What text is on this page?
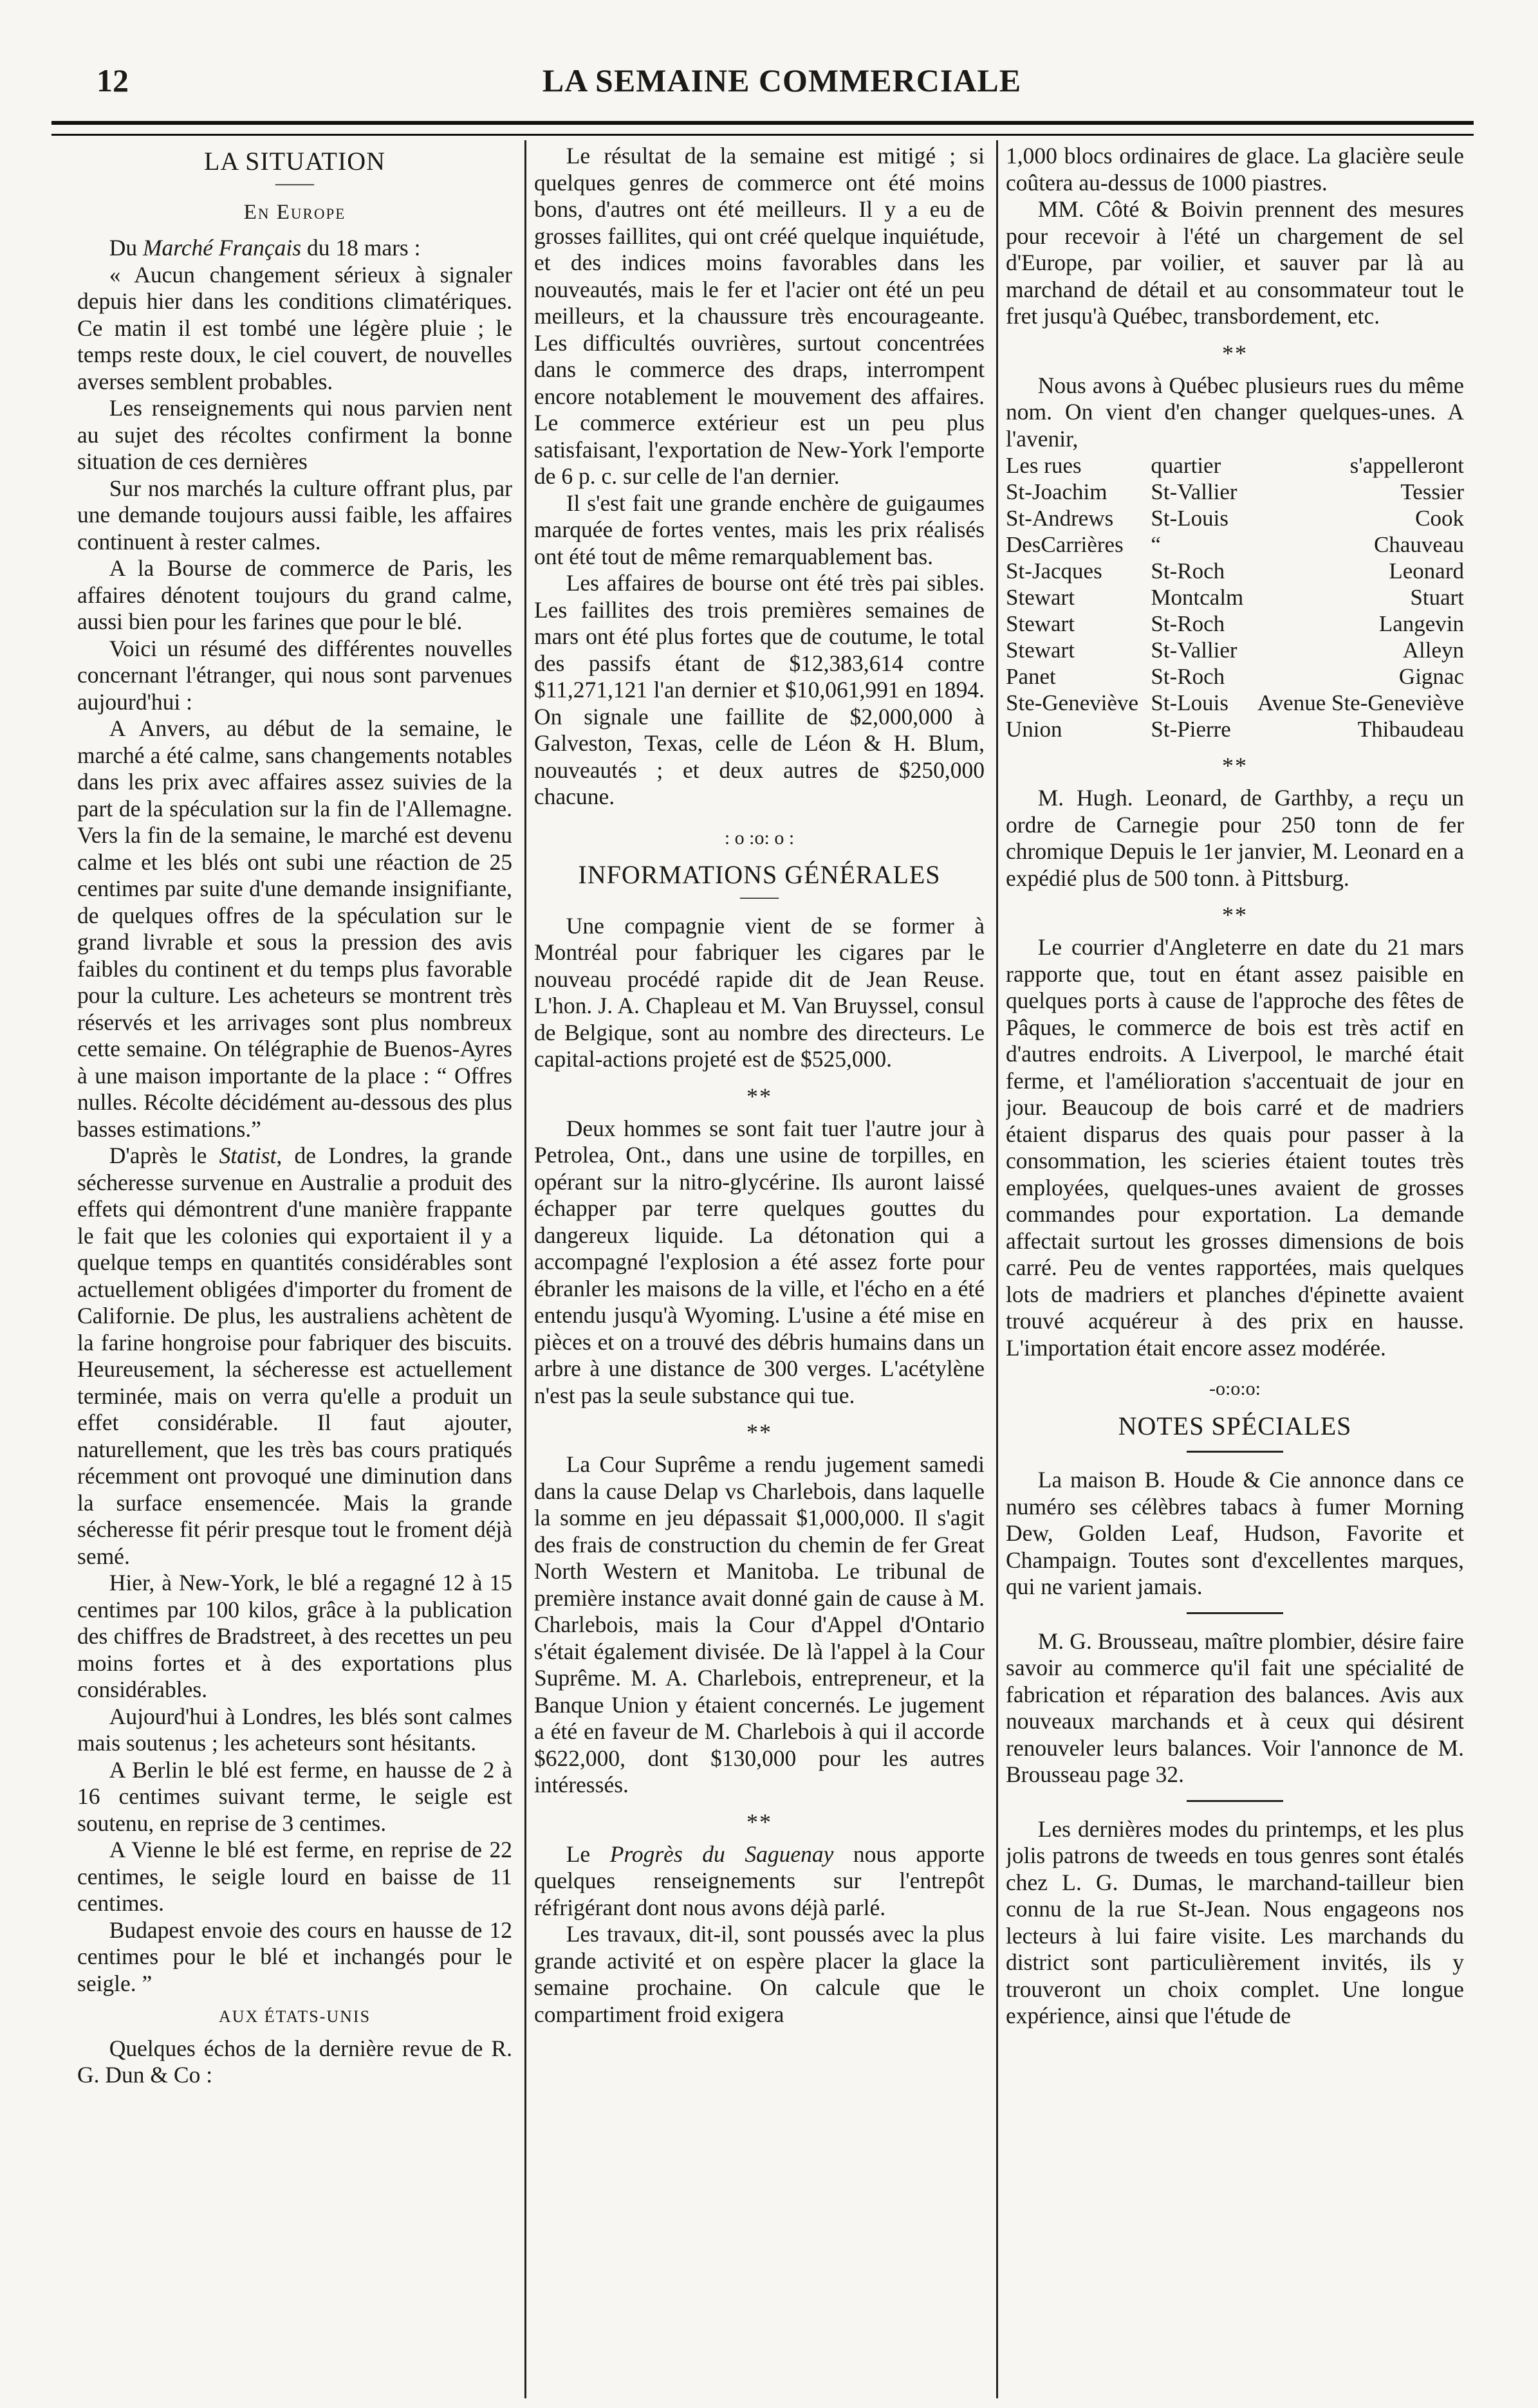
12	LA SEMAINE COMMERCIALE
LA SITUATION
——
En Europe

Du Marché Français du 18 mars :

« Aucun changement sérieux à signaler depuis hier dans les conditions climatériques. Ce matin il est tombé une légère pluie ; le temps reste doux, le ciel couvert, de nouvelles averses semblent probables.

Les renseignements qui nous parvien nent au sujet des récoltes confirment la bonne situation de ces dernières

Sur nos marchés la culture offrant plus, par une demande toujours aussi faible, les affaires continuent à rester calmes.

A la Bourse de commerce de Paris, les affaires dénotent toujours du grand calme, aussi bien pour les farines que pour le blé.

Voici un résumé des différentes nouvelles concernant l'étranger, qui nous sont parvenues aujourd'hui :

A Anvers, au début de la semaine, le marché a été calme, sans changements notables dans les prix avec affaires assez suivies de la part de la spéculation sur la fin de l'Allemagne. Vers la fin de la semaine, le marché est devenu calme et les blés ont subi une réaction de 25 centimes par suite d'une demande insignifiante, de quelques offres de la spéculation sur le grand livrable et sous la pression des avis faibles du continent et du temps plus favorable pour la culture. Les acheteurs se montrent très réservés et les arrivages sont plus nombreux cette semaine. On télégraphie de Buenos-Ayres à une maison importante de la place : “ Offres nulles. Récolte décidément au-dessous des plus basses estimations.”

D'après le Statist, de Londres, la grande sécheresse survenue en Australie a produit des effets qui démontrent d'une manière frappante le fait que les colonies qui exportaient il y a quelque temps en quantités considérables sont actuellement obligées d'importer du froment de Californie. De plus, les australiens achètent de la farine hongroise pour fabriquer des biscuits. Heureusement, la sécheresse est actuellement terminée, mais on verra qu'elle a produit un effet considérable. Il faut ajouter, naturellement, que les très bas cours pratiqués récemment ont provoqué une diminution dans la surface ensemencée. Mais la grande sécheresse fit périr presque tout le froment déjà semé.

Hier, à New-York, le blé a regagné 12 à 15 centimes par 100 kilos, grâce à la publication des chiffres de Bradstreet, à des recettes un peu moins fortes et à des exportations plus considérables.

Aujourd'hui à Londres, les blés sont calmes mais soutenus ; les acheteurs sont hésitants.

A Berlin le blé est ferme, en hausse de 2 à 16 centimes suivant terme, le seigle est soutenu, en reprise de 3 centimes.

A Vienne le blé est ferme, en reprise de 22 centimes, le seigle lourd en baisse de 11 centimes.

Budapest envoie des cours en hausse de 12 centimes pour le blé et inchangés pour le seigle. ”

AUX ÉTATS-UNIS

Quelques échos de la dernière revue de R. G. Dun & Co :

Le résultat de la semaine est mitigé ; si quelques genres de commerce ont été moins bons, d'autres ont été meilleurs. Il y a eu de grosses faillites, qui ont créé quelque inquiétude, et des indices moins favorables dans les nouveautés, mais le fer et l'acier ont été un peu meilleurs, et la chaussure très encourageante. Les difficultés ouvrières, surtout concentrées dans le commerce des draps, interrompent encore notablement le mouvement des affaires. Le commerce extérieur est un peu plus satisfaisant, l'exportation de New-York l'emporte de 6 p. c. sur celle de l'an dernier.

Il s'est fait une grande enchère de guigaumes marquée de fortes ventes, mais les prix réalisés ont été tout de même remarquablement bas.

Les affaires de bourse ont été très pai sibles. Les faillites des trois premières semaines de mars ont été plus fortes que de coutume, le total des passifs étant de $12,383,614 contre $11,271,121 l'an dernier et $10,061,991 en 1894. On signale une faillite de $2,000,000 à Galveston, Texas, celle de Léon & H. Blum, nouveautés ; et deux autres de $250,000 chacune.

: o :o: o :
INFORMATIONS GÉNÉRALES
——

Une compagnie vient de se former à Montréal pour fabriquer les cigares par le nouveau procédé rapide dit de Jean Reuse. L'hon. J. A. Chapleau et M. Van Bruyssel, consul de Belgique, sont au nombre des directeurs. Le capital-actions projeté est de $525,000.

**

Deux hommes se sont fait tuer l'autre jour à Petrolea, Ont., dans une usine de torpilles, en opérant sur la nitro-glycérine. Ils auront laissé échapper par terre quelques gouttes du dangereux liquide. La détonation qui a accompagné l'explosion a été assez forte pour ébranler les maisons de la ville, et l'écho en a été entendu jusqu'à Wyoming. L'usine a été mise en pièces et on a trouvé des débris humains dans un arbre à une distance de 300 verges. L'acétylène n'est pas la seule substance qui tue.

**

La Cour Suprême a rendu jugement samedi dans la cause Delap vs Charlebois, dans laquelle la somme en jeu dépassait $1,000,000. Il s'agit des frais de construction du chemin de fer Great North Western et Manitoba. Le tribunal de première instance avait donné gain de cause à M. Charlebois, mais la Cour d'Appel d'Ontario s'était également divisée. De là l'appel à la Cour Suprême. M. A. Charlebois, entrepreneur, et la Banque Union y étaient concernés. Le jugement a été en faveur de M. Charlebois à qui il accorde $622,000, dont $130,000 pour les autres intéressés.

**

Le Progrès du Saguenay nous apporte quelques renseignements sur l'entrepôt réfrigérant dont nous avons déjà parlé.

Les travaux, dit-il, sont poussés avec la plus grande activité et on espère placer la glace la semaine prochaine. On calcule que le compartiment froid exigera

1,000 blocs ordinaires de glace. La glacière seule coûtera au-dessus de 1000 piastres.

MM. Côté & Boivin prennent des mesures pour recevoir à l'été un chargement de sel d'Europe, par voilier, et sauver par là au marchand de détail et au consommateur tout le fret jusqu'à Québec, transbordement, etc.

**

Nous avons à Québec plusieurs rues du même nom. On vient d'en changer quelques-unes. A l'avenir,

Les rues	quartier	s'appelleront
St-Joachim	St-Vallier	Tessier
St-Andrews	St-Louis	Cook
DesCarrières	“	Chauveau
St-Jacques	St-Roch	Leonard
Stewart	Montcalm	Stuart
Stewart	St-Roch	Langevin
Stewart	St-Vallier	Alleyn
Panet	St-Roch	Gignac
Ste-Geneviève	St-Louis	Avenue Ste-Geneviève
Union	St-Pierre	Thibaudeau
**

M. Hugh. Leonard, de Garthby, a reçu un ordre de Carnegie pour 250 tonn de fer chromique Depuis le 1er janvier, M. Leonard en a expédié plus de 500 tonn. à Pittsburg.

**

Le courrier d'Angleterre en date du 21 mars rapporte que, tout en étant assez paisible en quelques ports à cause de l'approche des fêtes de Pâques, le commerce de bois est très actif en d'autres endroits. A Liverpool, le marché était ferme, et l'amélioration s'accentuait de jour en jour. Beaucoup de bois carré et de madriers étaient disparus des quais pour passer à la consommation, les scieries étaient toutes très employées, quelques-unes avaient de grosses commandes pour exportation. La demande affectait surtout les grosses dimensions de bois carré. Peu de ventes rapportées, mais quelques lots de madriers et planches d'épinette avaient trouvé acquéreur à des prix en hausse. L'importation était encore assez modérée.

-o:o:o:
NOTES SPÉCIALES

La maison B. Houde & Cie annonce dans ce numéro ses célèbres tabacs à fumer Morning Dew, Golden Leaf, Hudson, Favorite et Champaign. Toutes sont d'excellentes marques, qui ne varient jamais.

M. G. Brousseau, maître plombier, désire faire savoir au commerce qu'il fait une spécialité de fabrication et réparation des balances. Avis aux nouveaux marchands et à ceux qui désirent renouveler leurs balances. Voir l'annonce de M. Brousseau page 32.

Les dernières modes du printemps, et les plus jolis patrons de tweeds en tous genres sont étalés chez L. G. Dumas, le marchand-tailleur bien connu de la rue St-Jean. Nous engageons nos lecteurs à lui faire visite. Les marchands du district sont particulièrement invités, ils y trouveront un choix complet. Une longue expérience, ainsi que l'étude de
